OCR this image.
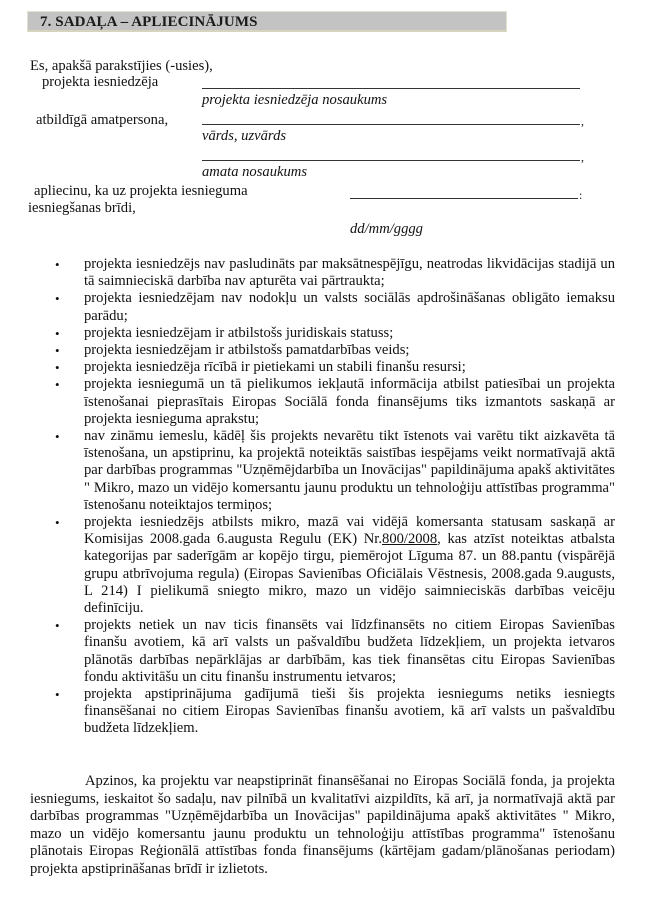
7. SADAĻA – APLIECINĀJUMS
Es, apakšā parakstījies (-usies),
projekta iesniedzēja
projekta iesniedzēja nosaukums
atbildīgā amatpersona,	,
vārds, uzvārds
,
amata nosaukums
apliecinu, ka uz projekta iesnieguma
iesniegšanas brīdi,
:
dd/mm/gggg
• projekta iesniedzējs nav pasludināts par maksātnespējīgu, neatrodas likvidācijas stadijā un tā saimnieciskā darbība nav apturēta vai pārtraukta;
• projekta iesniedzējam nav nodokļu un valsts sociālās apdrošināšanas obligāto iemaksu parādu;
• projekta iesniedzējam ir atbilstošs juridiskais statuss;
• projekta iesniedzējam ir atbilstošs pamatdarbības veids;
• projekta iesniedzēja rīcībā ir pietiekami un stabili finanšu resursi;
• projekta iesniegumā un tā pielikumos iekļautā informācija atbilst patiesībai un projekta īstenošanai pieprasītais Eiropas Sociālā fonda finansējums tiks izmantots saskaņā ar projekta iesnieguma aprakstu;
• nav zināmu iemeslu, kādēļ šis projekts nevarētu tikt īstenots vai varētu tikt aizkavēta tā īstenošana, un apstiprinu, ka projektā noteiktās saistības iespējams veikt normatīvajā aktā par darbības programmas "Uzņēmējdarbība un Inovācijas" papildinājuma apakš aktivitātes " Mikro, mazo un vidējo komersantu jaunu produktu un tehnoloģiju attīstības programma" īstenošanu noteiktajos termiņos;
• projekta iesniedzējs atbilsts mikro, mazā vai vidējā komersanta statusam saskaņā ar Komisijas 2008.gada 6.augusta Regulu (EK) Nr.800/2008, kas atzīst noteiktas atbalsta kategorijas par saderīgām ar kopējo tirgu, piemērojot Līguma 87. un 88.pantu (vispārējā grupu atbrīvojuma regula) (Eiropas Savienības Oficiālais Vēstnesis, 2008.gada 9.augusts, L 214) I pielikumā sniegto mikro, mazo un vidējo saimnieciskās darbības veicēju definīciju.
• projekts netiek un nav ticis finansēts vai līdzfinansēts no citiem Eiropas Savienības finanšu avotiem, kā arī valsts un pašvaldību budžeta līdzekļiem, un projekta ietvaros plānotās darbības nepārklājas ar darbībām, kas tiek finansētas citu Eiropas Savienības fondu aktivitāšu un citu finanšu instrumentu ietvaros;
• projekta apstiprinājuma gadījumā tieši šis projekta iesniegums netiks iesniegts finansēšanai no citiem Eiropas Savienības finanšu avotiem, kā arī valsts un pašvaldību budžeta līdzekļiem.

Apzinos, ka projektu var neapstiprināt finansēšanai no Eiropas Sociālā fonda, ja projekta iesniegums, ieskaitot šo sadaļu, nav pilnībā un kvalitatīvi aizpildīts, kā arī, ja normatīvajā aktā par darbības programmas "Uzņēmējdarbība un Inovācijas" papildinājuma apakš aktivitātes " Mikro, mazo un vidējo komersantu jaunu produktu un tehnoloģiju attīstības programma" īstenošanu plānotais Eiropas Reģionālā attīstības fonda finansējums (kārtējam gadam/plānošanas periodam) projekta apstiprināšanas brīdī ir izlietots.
